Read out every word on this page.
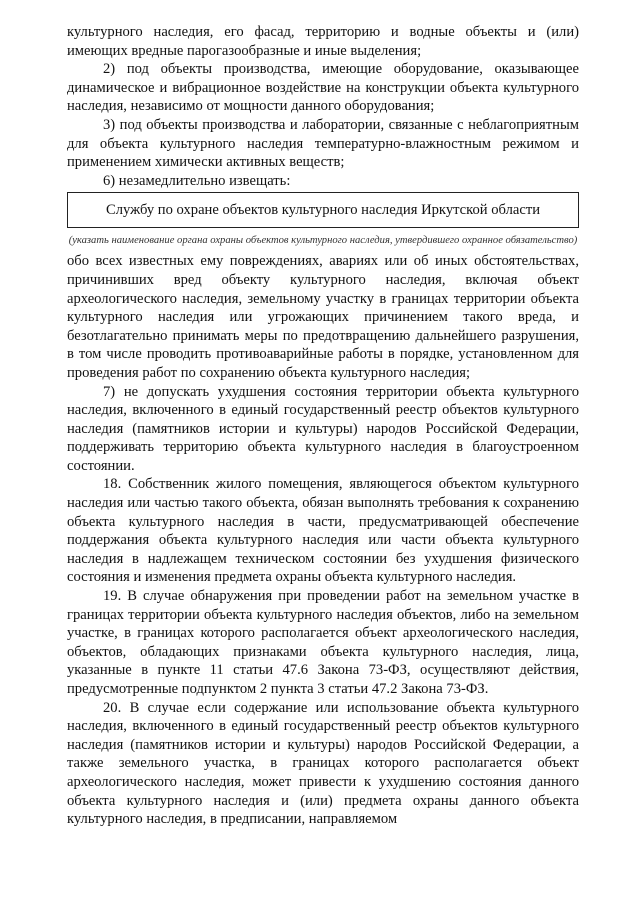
культурного наследия, его фасад, территорию и водные объекты и (или) имеющих вредные парогазообразные и иные выделения;

2) под объекты производства, имеющие оборудование, оказывающее динамическое и вибрационное воздействие на конструкции объекта культурного наследия, независимо от мощности данного оборудования;

3) под объекты производства и лаборатории, связанные с неблагоприятным для объекта культурного наследия температурно-влажностным режимом и применением химически активных веществ;

6) незамедлительно извещать:

Службу по охране объектов культурного наследия Иркутской области
(указать наименование органа охраны объектов культурного наследия, утвердившего охранное обязательство)

обо всех известных ему повреждениях, авариях или об иных обстоятельствах, причинивших вред объекту культурного наследия, включая объект археологического наследия, земельному участку в границах территории объекта культурного наследия или угрожающих причинением такого вреда, и безотлагательно принимать меры по предотвращению дальнейшего разрушения, в том числе проводить противоаварийные работы в порядке, установленном для проведения работ по сохранению объекта культурного наследия;

7) не допускать ухудшения состояния территории объекта культурного наследия, включенного в единый государственный реестр объектов культурного наследия (памятников истории и культуры) народов Российской Федерации, поддерживать территорию объекта культурного наследия в благоустроенном состоянии.

18. Собственник жилого помещения, являющегося объектом культурного наследия или частью такого объекта, обязан выполнять требования к сохранению объекта культурного наследия в части, предусматривающей обеспечение поддержания объекта культурного наследия или части объекта культурного наследия в надлежащем техническом состоянии без ухудшения физического состояния и изменения предмета охраны объекта культурного наследия.

19. В случае обнаружения при проведении работ на земельном участке в границах территории объекта культурного наследия объектов, либо на земельном участке, в границах которого располагается объект археологического наследия, объектов, обладающих признаками объекта культурного наследия, лица, указанные в пункте 11 статьи 47.6 Закона 73-ФЗ, осуществляют действия, предусмотренные подпунктом 2 пункта 3 статьи 47.2 Закона 73-ФЗ.

20. В случае если содержание или использование объекта культурного наследия, включенного в единый государственный реестр объектов культурного наследия (памятников истории и культуры) народов Российской Федерации, а также земельного участка, в границах которого располагается объект археологического наследия, может привести к ухудшению состояния данного объекта культурного наследия и (или) предмета охраны данного объекта культурного наследия, в предписании, направляемом
